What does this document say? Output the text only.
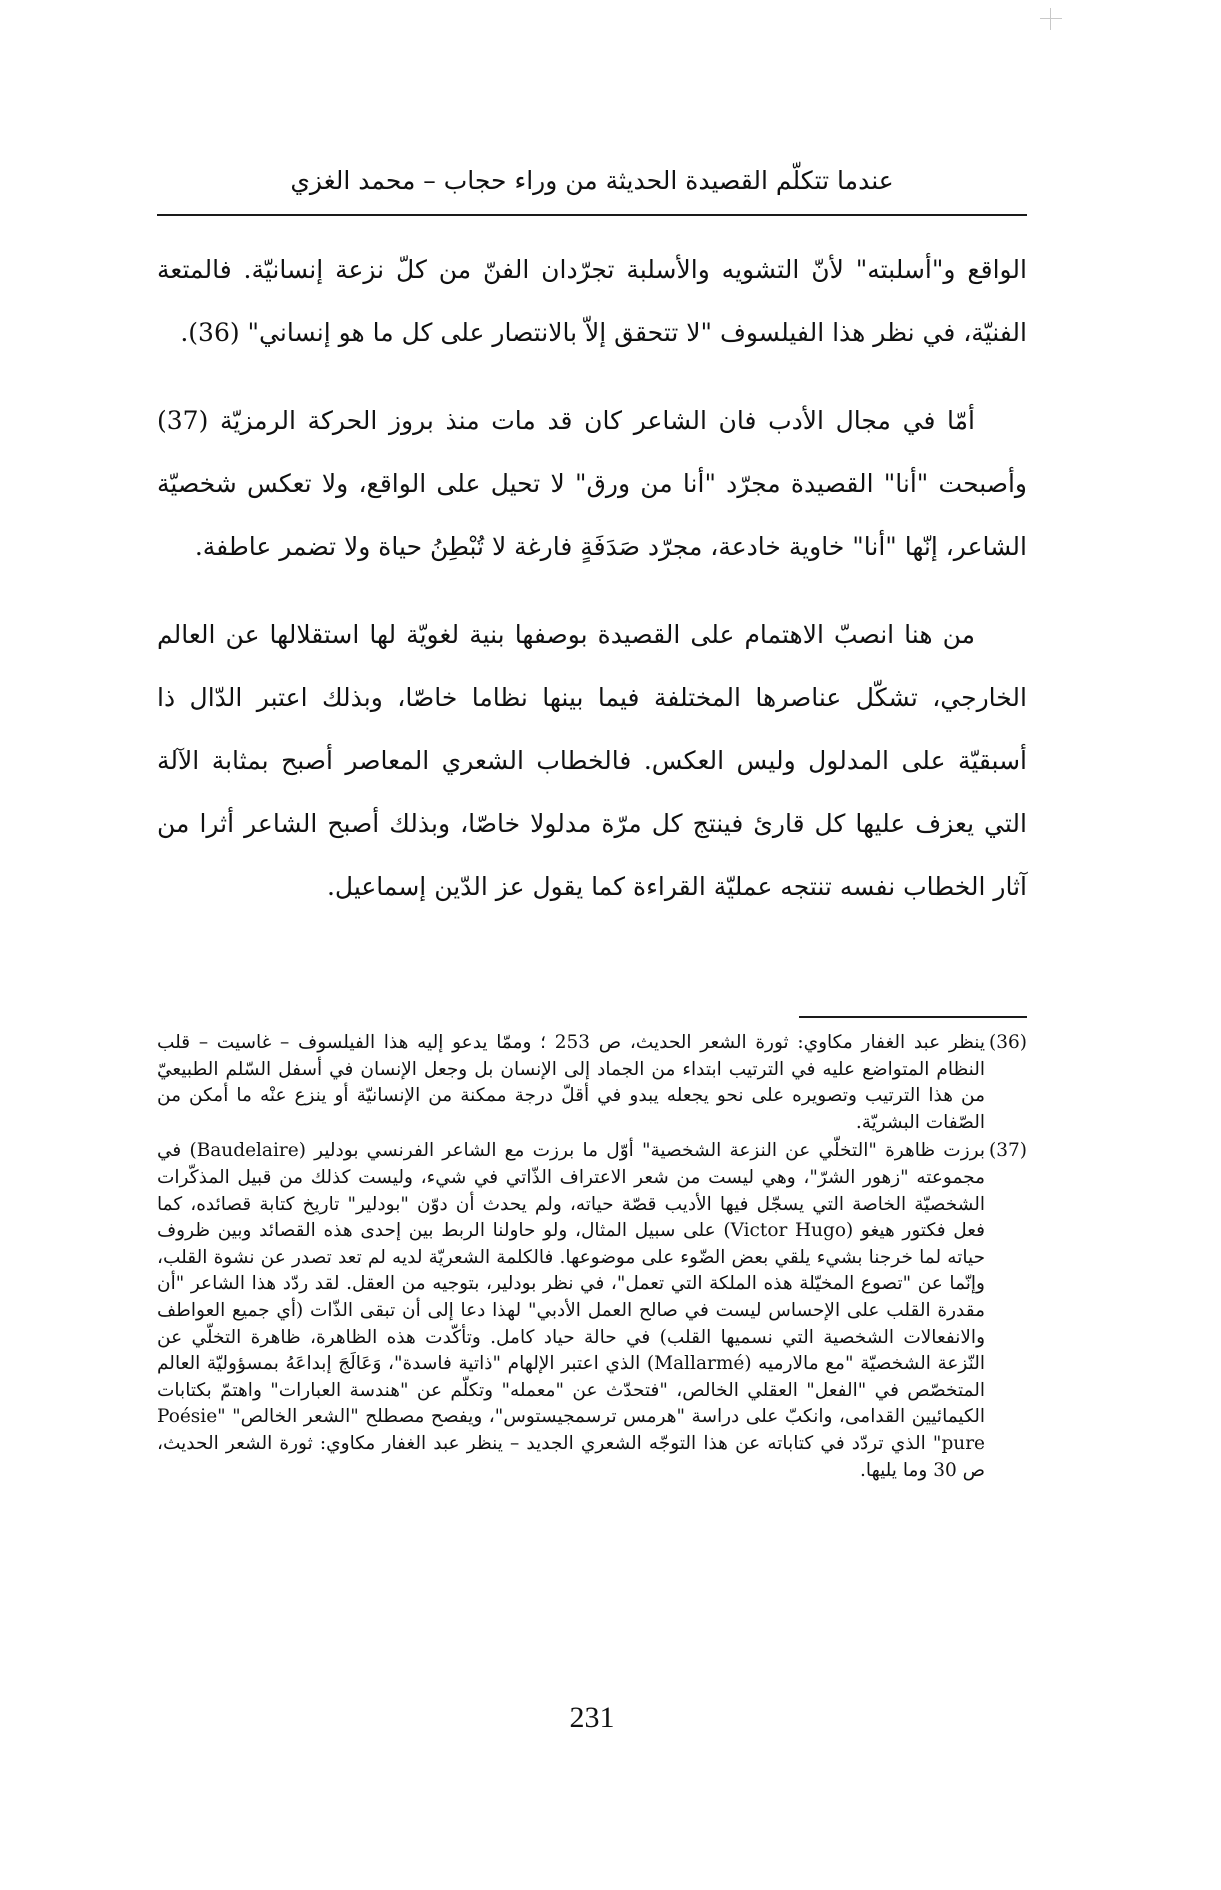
عندما تتكلّم القصيدة الحديثة من وراء حجاب – محمد الغزي

الواقع و"أسلبته" لأنّ التشويه والأسلبة تجرّدان الفنّ من كلّ نزعة إنسانيّة. فالمتعة الفنيّة، في نظر هذا الفيلسوف "لا تتحقق إلاّ بالانتصار على كل ما هو إنساني" (36).

أمّا في مجال الأدب فان الشاعر كان قد مات منذ بروز الحركة الرمزيّة (37) وأصبحت "أنا" القصيدة مجرّد "أنا من ورق" لا تحيل على الواقع، ولا تعكس شخصيّة الشاعر، إنّها "أنا" خاوية خادعة، مجرّد صَدَفَةٍ فارغة لا تُبْطِنُ حياة ولا تضمر عاطفة.

من هنا انصبّ الاهتمام على القصيدة بوصفها بنية لغويّة لها استقلالها عن العالم الخارجي، تشكّل عناصرها المختلفة فيما بينها نظاما خاصّا، وبذلك اعتبر الدّال ذا أسبقيّة على المدلول وليس العكس. فالخطاب الشعري المعاصر أصبح بمثابة الآلة التي يعزف عليها كل قارئ فينتج كل مرّة مدلولا خاصّا، وبذلك أصبح الشاعر أثرا من آثار الخطاب نفسه تنتجه عمليّة القراءة كما يقول عز الدّين إسماعيل.

(36)ينظر عبد الغفار مكاوي: ثورة الشعر الحديث، ص 253 ؛ وممّا يدعو إليه هذا الفيلسوف – غاسيت – قلب النظام المتواضع عليه في الترتيب ابتداء من الجماد إلى الإنسان بل وجعل الإنسان في أسفل السّلم الطبيعيّ من هذا الترتيب وتصويره على نحو يجعله يبدو في أقلّ درجة ممكنة من الإنسانيّة أو ينزع عنْه ما أمكن من الصّفات البشريّة.

(37)برزت ظاهرة "التخلّي عن النزعة الشخصية" أوّل ما برزت مع الشاعر الفرنسي بودلير (Baudelaire) في مجموعته "زهور الشرّ"، وهي ليست من شعر الاعتراف الذّاتي في شيء، وليست كذلك من قبيل المذكّرات الشخصيّة الخاصة التي يسجّل فيها الأديب قصّة حياته، ولم يحدث أن دوّن "بودلير" تاريخ كتابة قصائده، كما فعل فكتور هيغو (Victor Hugo) على سبيل المثال، ولو حاولنا الربط بين إحدى هذه القصائد وبين ظروف حياته لما خرجنا بشيء يلقي بعض الضّوء على موضوعها. فالكلمة الشعريّة لديه لم تعد تصدر عن نشوة القلب، وإنّما عن "تصوع المخيّلة هذه الملكة التي تعمل"، في نظر بودلير، بتوجيه من العقل. لقد ردّد هذا الشاعر "أن مقدرة القلب على الإحساس ليست في صالح العمل الأدبي" لهذا دعا إلى أن تبقى الذّات (أي جميع العواطف والانفعالات الشخصية التي نسميها القلب) في حالة حياد كامل. وتأكّدت هذه الظاهرة، ظاهرة التخلّي عن النّزعة الشخصيّة "مع مالارميه (Mallarmé) الذي اعتبر الإلهام "ذاتية فاسدة"، وَعَالَجَ إبداعَهُ بمسؤوليّة العالم المتخصّص في "الفعل" العقلي الخالص، "فتحدّث عن "معمله" وتكلّم عن "هندسة العبارات" واهتمّ بكتابات الكيمائيين القدامى، وانكبّ على دراسة "هرمس ترسمجيستوس"، ويفصح مصطلح "الشعر الخالص" "Poésie pure" الذي تردّد في كتاباته عن هذا التوجّه الشعري الجديد – ينظر عبد الغفار مكاوي: ثورة الشعر الحديث، ص 30 وما يليها.

231
